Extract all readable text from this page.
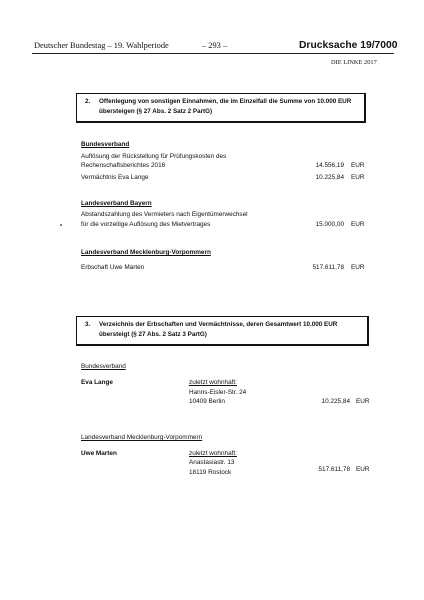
Deutscher Bundestag – 19. Wahlperiode	– 293 –	Drucksache 19/7000
DIE LINKE 2017
2. Offenlegung von sonstigen Einnahmen, die im Einzelfall die Summe von 10.000 EUR
übersteigen (§ 27 Abs. 2 Satz 2 PartG)
Bundesverband
Auflösung der Rückstellung für Prüfungskosten des
Rechenschaftsberichtes 2016	14.556,19 EUR
Vermächtnis Eva Lange	10.225,84 EUR
Landesverband Bayern
Abstandszahlung des Vermieters nach Eigentümerwechsel
für die vorzeitige Auflösung des Mietvertrages	15.000,00 EUR
Landesverband Mecklenburg-Vorpommern
Erbschaft Uwe Marten	517.611,78 EUR
3. Verzeichnis der Erbschaften und Vermächtnisse, deren Gesamtwert 10.000 EUR
übersteigt (§ 27 Abs. 2 Satz 3 PartG)
Bundesverband
Eva Lange	zuletzt wohnhaft:
Hanns-Eisler-Str. 24
10409 Berlin	10.225,84 EUR
Landesverband Mecklenburg-Vorpommern
Uwe Marten	zuletzt wohnhaft:
Anastasiastr. 13
18119 Rostock	517.611,78 EUR
